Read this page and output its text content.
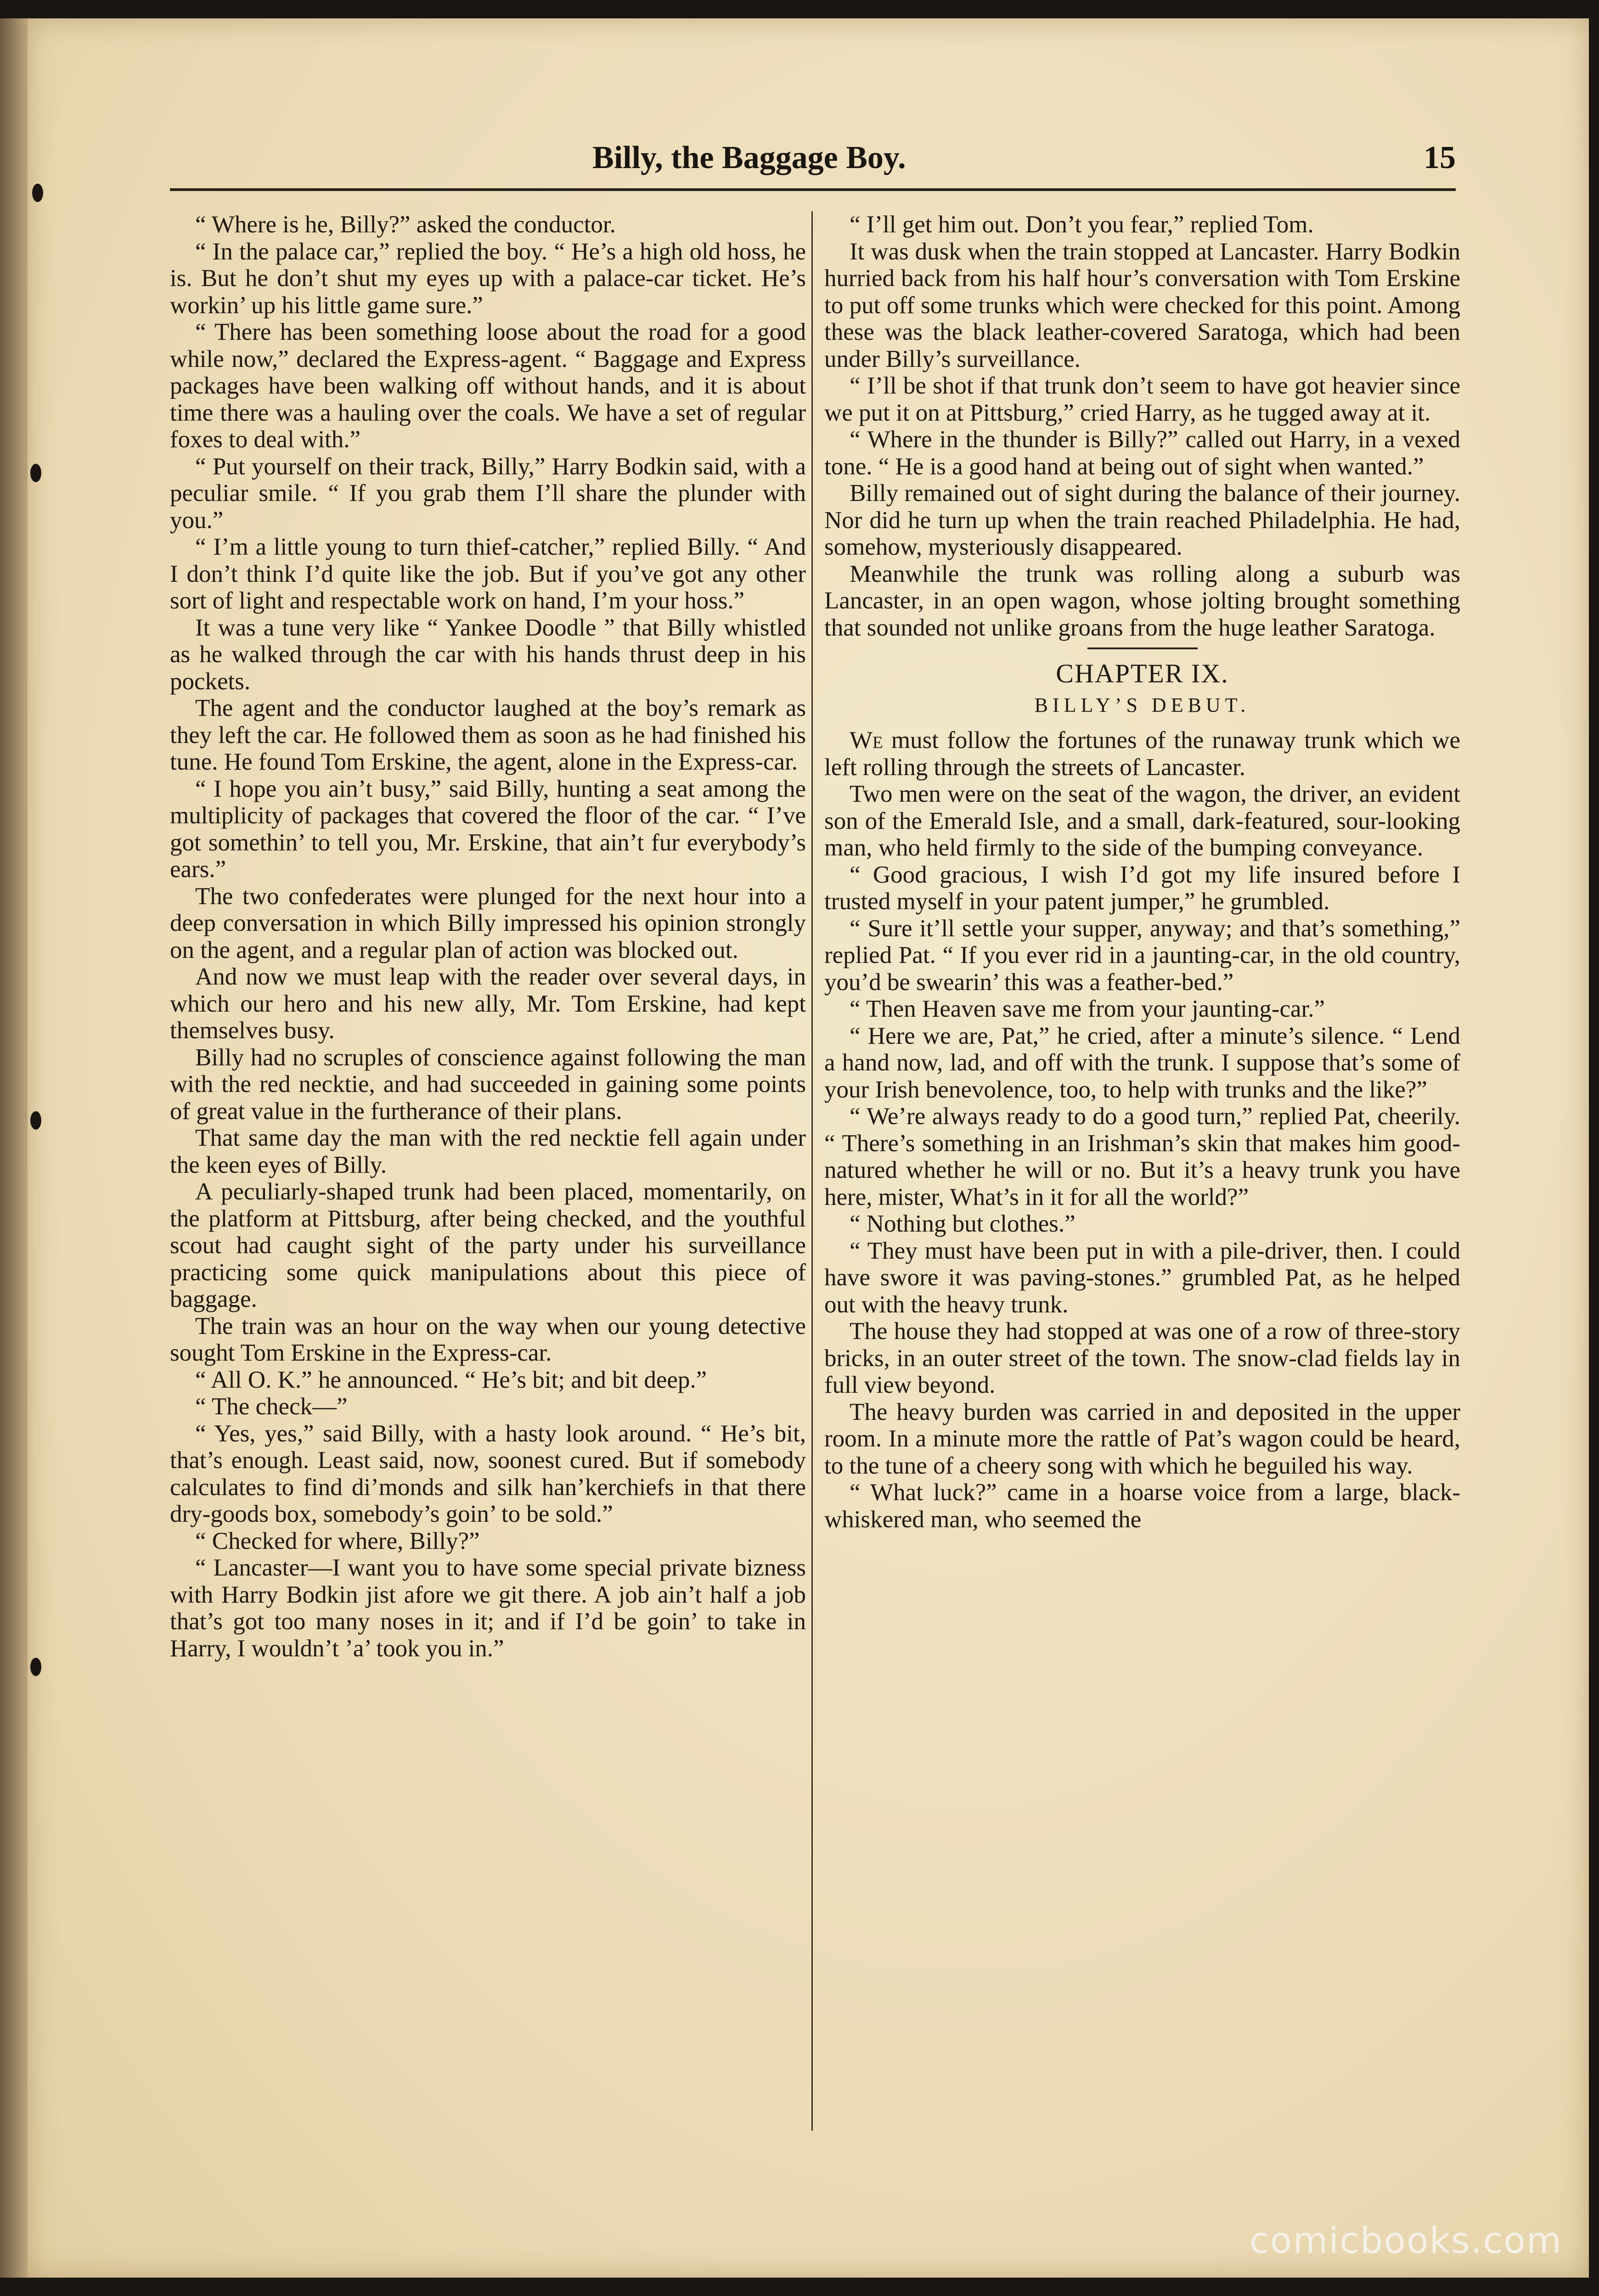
Billy, the Baggage Boy.	15

“ Where is he, Billy?” asked the conductor.

“ In the palace car,” replied the boy. “ He’s a high old hoss, he is. But he don’t shut my eyes up with a palace-car ticket. He’s workin’ up his little game sure.”

“ There has been something loose about the road for a good while now,” declared the Express-agent. “ Baggage and Express packages have been walking off without hands, and it is about time there was a hauling over the coals. We have a set of regular foxes to deal with.”

“ Put yourself on their track, Billy,” Harry Bodkin said, with a peculiar smile. “ If you grab them I’ll share the plunder with you.”

“ I’m a little young to turn thief-catcher,” replied Billy. “ And I don’t think I’d quite like the job. But if you’ve got any other sort of light and respectable work on hand, I’m your hoss.”

It was a tune very like “ Yankee Doodle ” that Billy whistled as he walked through the car with his hands thrust deep in his pockets.

The agent and the conductor laughed at the boy’s remark as they left the car. He followed them as soon as he had finished his tune. He found Tom Erskine, the agent, alone in the Express-car.

“ I hope you ain’t busy,” said Billy, hunting a seat among the multiplicity of packages that covered the floor of the car. “ I’ve got somethin’ to tell you, Mr. Erskine, that ain’t fur everybody’s ears.”

The two confederates were plunged for the next hour into a deep conversation in which Billy impressed his opinion strongly on the agent, and a regular plan of action was blocked out.

And now we must leap with the reader over several days, in which our hero and his new ally, Mr. Tom Erskine, had kept themselves busy.

Billy had no scruples of conscience against following the man with the red necktie, and had succeeded in gaining some points of great value in the furtherance of their plans.

That same day the man with the red necktie fell again under the keen eyes of Billy.

A peculiarly-shaped trunk had been placed, momentarily, on the platform at Pittsburg, after being checked, and the youthful scout had caught sight of the party under his surveillance practicing some quick manipulations about this piece of baggage.

The train was an hour on the way when our young detective sought Tom Erskine in the Express-car.

“ All O. K.” he announced. “ He’s bit; and bit deep.”

“ The check—”

“ Yes, yes,” said Billy, with a hasty look around. “ He’s bit, that’s enough. Least said, now, soonest cured. But if somebody calculates to find di’monds and silk han’kerchiefs in that there dry-goods box, somebody’s goin’ to be sold.”

“ Checked for where, Billy?”

“ Lancaster—I want you to have some special private bizness with Harry Bodkin jist afore we git there. A job ain’t half a job that’s got too many noses in it; and if I’d be goin’ to take in Harry, I wouldn’t ’a’ took you in.”

“ I’ll get him out. Don’t you fear,” replied Tom.

It was dusk when the train stopped at Lancaster. Harry Bodkin hurried back from his half hour’s conversation with Tom Erskine to put off some trunks which were checked for this point. Among these was the black leather-covered Saratoga, which had been under Billy’s surveillance.

“ I’ll be shot if that trunk don’t seem to have got heavier since we put it on at Pittsburg,” cried Harry, as he tugged away at it.

“ Where in the thunder is Billy?” called out Harry, in a vexed tone. “ He is a good hand at being out of sight when wanted.”

Billy remained out of sight during the balance of their journey. Nor did he turn up when the train reached Philadelphia. He had, somehow, mysteriously disappeared.

Meanwhile the trunk was rolling along a suburb was Lancaster, in an open wagon, whose jolting brought something that sounded not unlike groans from the huge leather Saratoga.

CHAPTER IX.
BILLY’S DEBUT.

We must follow the fortunes of the runaway trunk which we left rolling through the streets of Lancaster.

Two men were on the seat of the wagon, the driver, an evident son of the Emerald Isle, and a small, dark-featured, sour-looking man, who held firmly to the side of the bumping conveyance.

“ Good gracious, I wish I’d got my life insured before I trusted myself in your patent jumper,” he grumbled.

“ Sure it’ll settle your supper, anyway; and that’s something,” replied Pat. “ If you ever rid in a jaunting-car, in the old country, you’d be swearin’ this was a feather-bed.”

“ Then Heaven save me from your jaunting-car.”

“ Here we are, Pat,” he cried, after a minute’s silence. “ Lend a hand now, lad, and off with the trunk. I suppose that’s some of your Irish benevolence, too, to help with trunks and the like?”

“ We’re always ready to do a good turn,” replied Pat, cheerily. “ There’s something in an Irishman’s skin that makes him good-natured whether he will or no. But it’s a heavy trunk you have here, mister, What’s in it for all the world?”

“ Nothing but clothes.”

“ They must have been put in with a pile-driver, then. I could have swore it was paving-stones.” grumbled Pat, as he helped out with the heavy trunk.

The house they had stopped at was one of a row of three-story bricks, in an outer street of the town. The snow-clad fields lay in full view beyond.

The heavy burden was carried in and deposited in the upper room. In a minute more the rattle of Pat’s wagon could be heard, to the tune of a cheery song with which he beguiled his way.

“ What luck?” came in a hoarse voice from a large, black-whiskered man, who seemed the

comicbooks.com
